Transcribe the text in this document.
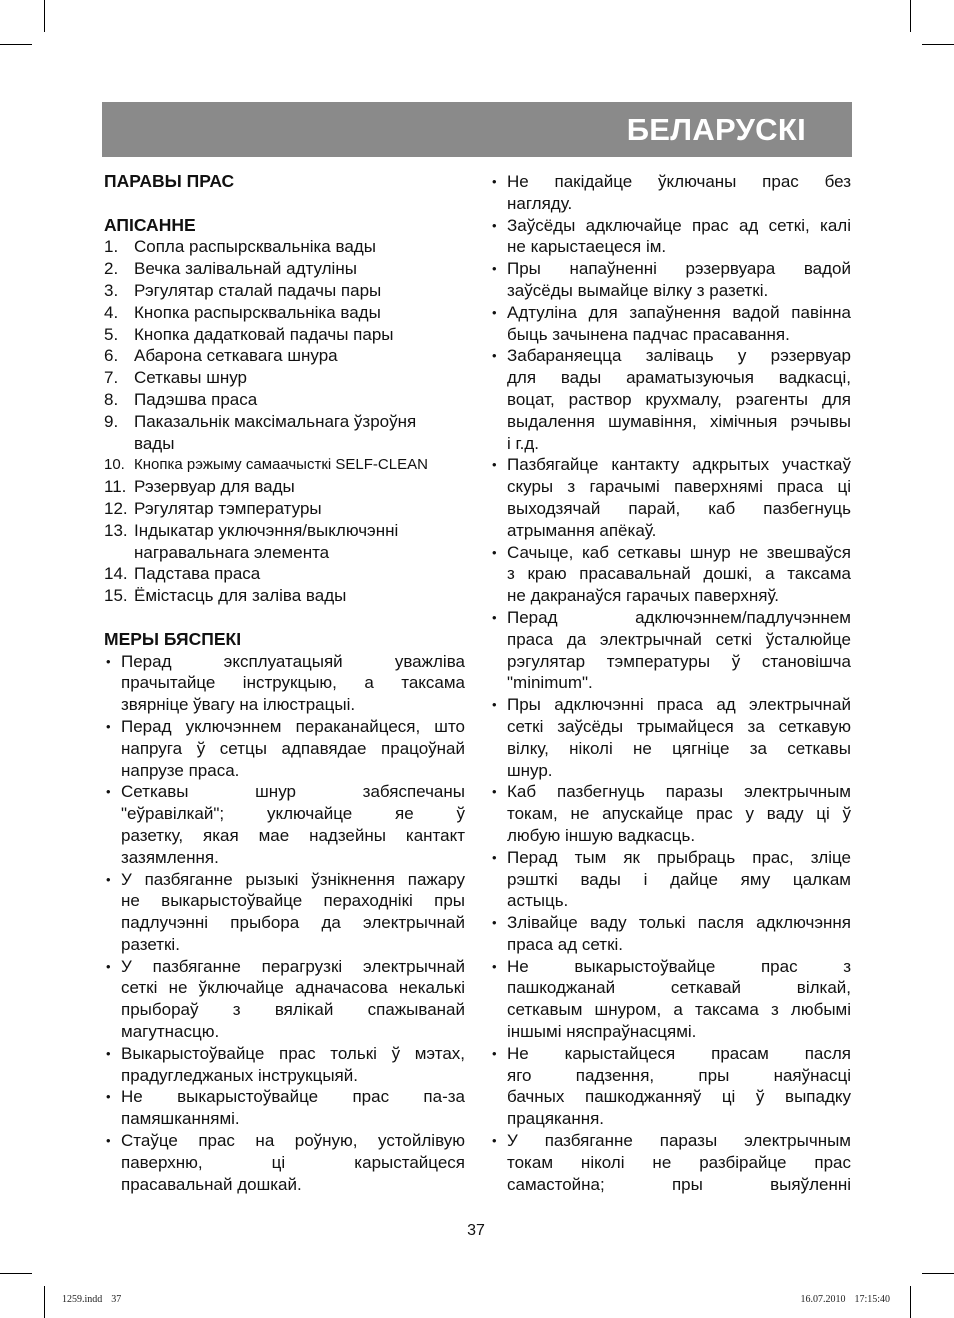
БЕЛАРУСКІ
ПАРАВЫ ПРАС
АПІСАННЕ
1. Сопла распырсквальніка вады
2. Вечка залівальнай адтуліны
3. Рэгулятар сталай падачы пары
4. Кнопка распырсквальніка вады
5. Кнопка дадатковай падачы пары
6. Абарона сеткавага шнура
7. Сеткавы шнур
8. Падэшва праса
9. Паказальнік максімальнага ўзроўня
вады
10. Кнопка рэжыму самаачысткі SELF-CLEAN
11. Рэзервуар для вады
12. Рэгулятар тэмпературы
13. Індыкатар уключэння/выключэнні
награвальнага элемента
14. Падстава праса
15. Ёмістасць для заліва вады
МЕРЫ БЯСПЕКІ
• Перад эксплуатацыяй уважліва
прачытайце інструкцыю, а таксама
звярніце ўвагу на ілюстрацыі.
• Перад уключэннем пераканайцеся, што
напруга ў сетцы адпавядае працоўнай
напрузе праса.
• Сеткавы шнур забяспечаны
"еўравілкай"; уключайце яе ў
разетку, якая мае надзейны кантакт
зазямлення.
• У пазбяганне рызыкі ўзнікнення пажару
не выкарыстоўвайце пераходнікі пры
падлучэнні прыбора да электрычнай
разеткі.
• У пазбяганне перагрузкі электрычнай
сеткі не ўключайце адначасова некалькі
прыбораў з вялікай спажыванай
магутнасцю.
• Выкарыстоўвайце прас толькі ў мэтах,
прадугледжаных інструкцыяй.
• Не выкарыстоўвайце прас па-за
памяшканнямі.
• Стаўце прас на роўную, устойлівую
паверхню, ці карыстайцеся
прасавальнай дошкай.
• Не пакідайце ўключаны прас без
нагляду.
• Заўсёды адключайце прас ад сеткі, калі
не карыстаецеся ім.
• Пры напаўненні рэзервуара вадой
заўсёды вымайце вілку з разеткі.
• Адтуліна для запаўнення вадой павінна
быць зачынена падчас прасавання.
• Забараняецца заліваць у рэзервуар
для вады араматызуючыя вадкасці,
воцат, раствор крухмалу, рэагенты для
выдалення шумавіння, хімічныя рэчывы
і г.д.
• Пазбягайце кантакту адкрытых участкаў
скуры з гарачымі паверхнямі праса ці
выходзячай парай, каб пазбегнуць
атрымання апёкаў.
• Сачыце, каб сеткавы шнур не звешваўся
з краю прасавальнай дошкі, а таксама
не дакранаўся гарачых паверхняў.
• Перад адключэннем/падлучэннем
праса да электрычнай сеткі ўсталюйце
рэгулятар тэмпературы ў становішча
"minimum".
• Пры адключэнні праса ад электрычнай
сеткі заўсёды трымайцеся за сеткавую
вілку, ніколі не цягніце за сеткавы
шнур.
• Каб пазбегнуць паразы электрычным
токам, не апускайце прас у ваду ці ў
любую іншую вадкасць.
• Перад тым як прыбраць прас, зліце
рэшткі вады і дайце яму цалкам
астыць.
• Злівайце ваду толькі пасля адключэння
праса ад сеткі.
• Не выкарыстоўвайце прас з
пашкоджанай сеткавай вілкай,
сеткавым шнуром, а таксама з любымі
іншымі няспраўнасцямі.
• Не карыстайцеся прасам пасля
яго падзення, пры наяўнасці
бачных пашкоджанняў ці ў выпадку
працякання.
• У пазбяганне паразы электрычным
токам ніколі не разбірайце прас
самастойна; пры выяўленні
37
1259.indd 37	16.07.2010 17:15:40
